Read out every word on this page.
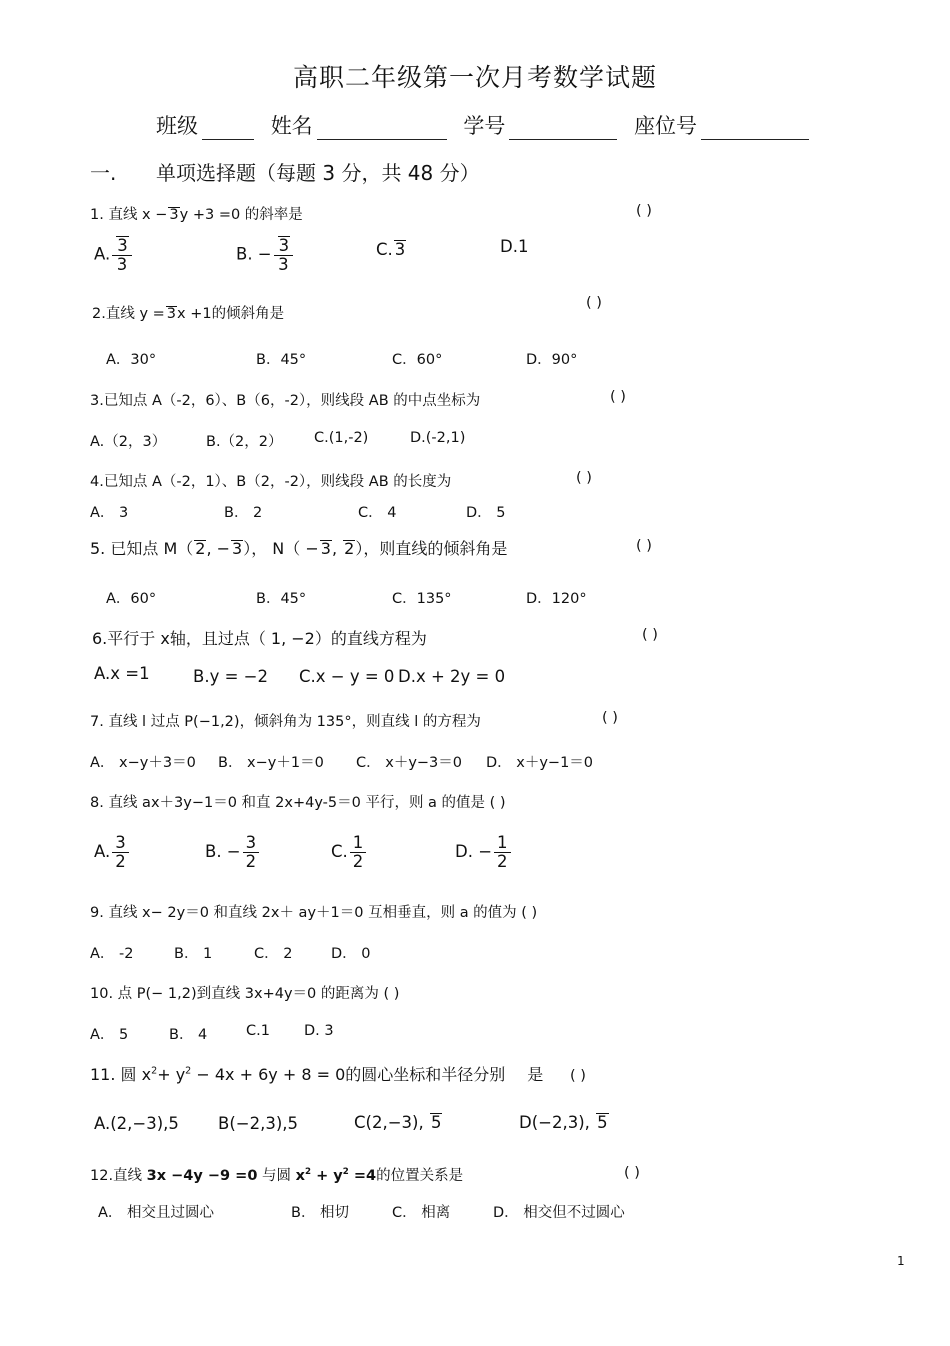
高职二年级第一次月考数学试题
班级	姓名	学号	座位号
一. 单项选择题（每题 3 分，共 48 分）
1. 直线 x − 3y +3 =0 的斜率是	( )
A. $\frac{3}{3}$	B. − $\frac{3}{3}$	C. 3	D.1
2.直线 y = 3x +1的倾斜角是
( )
A．30°	B．45°	C．60°	D．90°
3.已知点 A（-2，6）、B（6，-2），则线段 AB 的中点坐标为	( )
A.（2，3）	B.（2，2） C.(1,-2)	D.(-2,1)
4.已知点 A（-2，1）、B（2，-2），则线段 AB 的长度为	( )
A． 3	B． 2	C． 4	D． 5
5. 已知点 M（ 2, − 3）， N（ − 3, 2），则直线的倾斜角是	( )
A．60°	B．45°	C．135°	D．120°
6.平行于 x轴，且过点（ 1, −2）的直线方程为	( )
A.x =1	B.y = −2 C.x − y = 0 D.x + 2y = 0
7. 直线 l 过点 P(−1,2)，倾斜角为 135°，则直线 l 的方程为	( )
A． x−y＋3＝0 B． x−y＋1＝0 C． x＋y−3＝0 D． x＋y−1＝0
8. 直线 ax＋3y−1＝0 和直 2x+4y-5＝0 平行，则 a 的值是 ( )
A. $\frac{3}{2}$	B. − $\frac{3}{2}$	C. $\frac{1}{2}$	D. − $\frac{1}{2}$
9. 直线 x− 2y＝0 和直线 2x＋ ay＋1＝0 互相垂直，则 a 的值为 ( )
A． -2	B． 1	C． 2	D． 0
10. 点 P(− 1,2)到直线 3x+4y＝0 的距离为 ( )
A． 5	B． 4	C.1 D. 3
11. 圆 $x^2+ y^2 - 4x + 6y + 8 = 0$的圆心坐标和半径分别 是 ( )
A.(2,−3),5 B(−2,3),5	C(2,−3), 5	D(−2,3), 5
12.直线 3x −4y −9 =0 与圆 $x^2 + y^2 =4$的位置关系是	( )
A． 相交且过圆心	B． 相切	C． 相离	D． 相交但不过圆心
1
